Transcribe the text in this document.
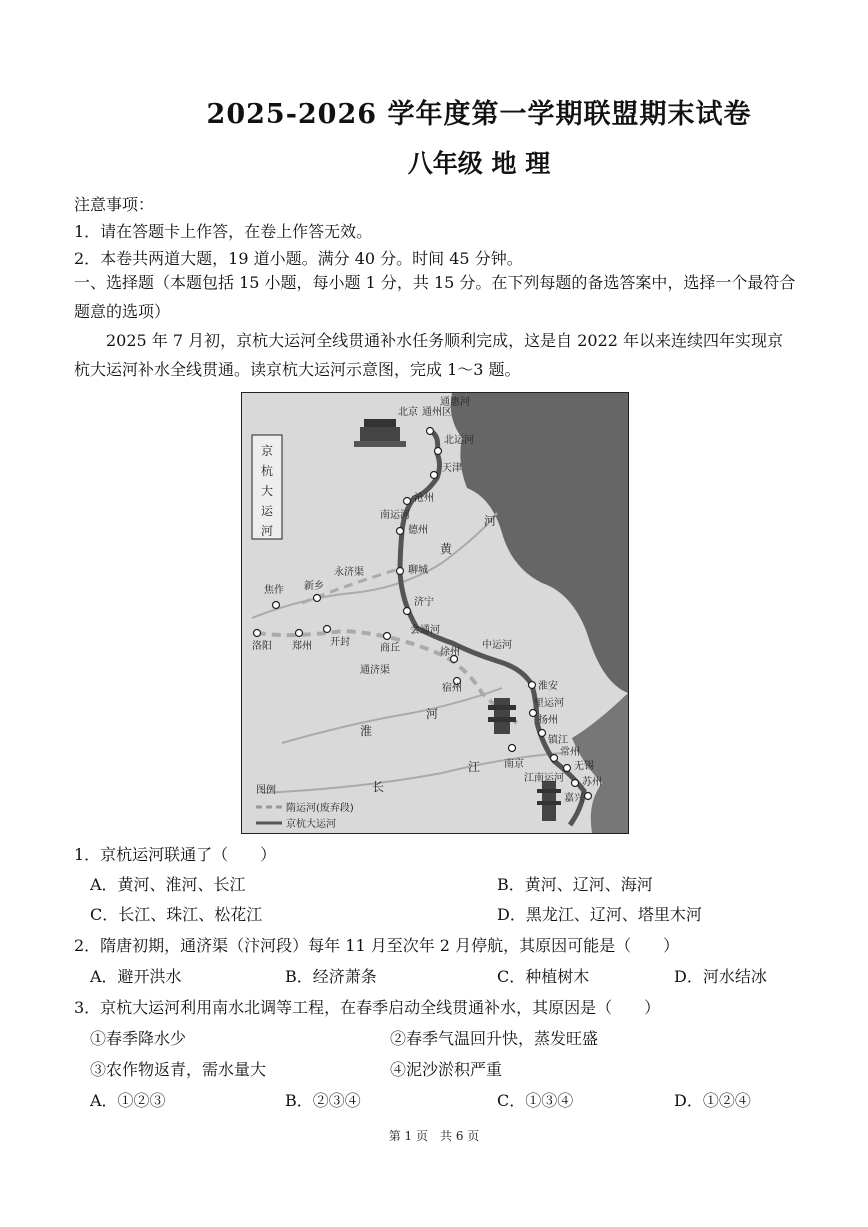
2025-2026 学年度第一学期联盟期末试卷
八年级 地 理
注意事项：
1．请在答题卡上作答，在卷上作答无效。
2．本卷共两道大题，19 道小题。满分 40 分。时间 45 分钟。
一、选择题（本题包括 15 小题，每小题 1 分，共 15 分。在下列每题的备选答案中，选择一个最符合题意的选项）
2025 年 7 月初，京杭大运河全线贯通补水任务顺利完成，这是自 2022 年以来连续四年实现京杭大运河补水全线贯通。读京杭大运河示意图，完成 1～3 题。
京
杭
大
运
河
北京 通州区
天津
沧州
德州
聊城
济宁
徐州
宿州	淮安
扬州
镇江
南京
常州
无锡
苏州
嘉兴
洛阳 郑州 开封
商丘
焦作 新乡
通惠河
北运河
南运河
会通河
中运河
里运河
江南运河
永济渠
通济渠
黄
河
淮
河
长
江
图例
隋运河(废弃段)
京杭大运河
1．京杭运河联通了（　　）
A．黄河、淮河、长江	B．黄河、辽河、海河
C．长江、珠江、松花江	D．黑龙江、辽河、塔里木河
2．隋唐初期，通济渠（汴河段）每年 11 月至次年 2 月停航，其原因可能是（　　）
A．避开洪水	B．经济萧条	C．种植树木	D．河水结冰
3．京杭大运河利用南水北调等工程，在春季启动全线贯通补水，其原因是（　　）
①春季降水少	②春季气温回升快，蒸发旺盛
③农作物返青，需水量大	④泥沙淤积严重
A．①②③	B．②③④	C．①③④	D．①②④
第 1 页　共 6 页
